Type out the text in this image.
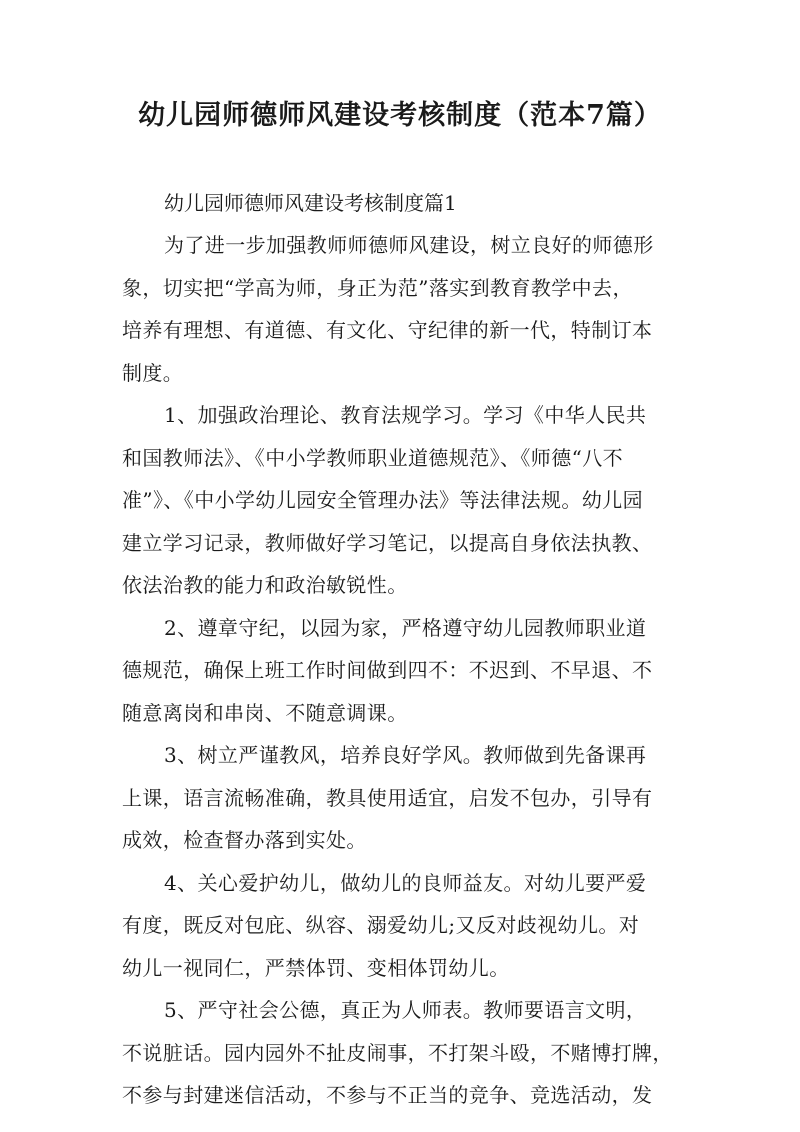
幼儿园师德师风建设考核制度（范本7篇）
幼儿园师德师风建设考核制度篇1

为了进一步加强教师师德师风建设，树立良好的师德形
象，切实把“学高为师，身正为范”落实到教育教学中去，
培养有理想、有道德、有文化、守纪律的新一代，特制订本
制度。

1、加强政治理论、教育法规学习。学习《中华人民共
和国教师法》、《中小学教师职业道德规范》、《师德“八不
准”》、《中小学幼儿园安全管理办法》等法律法规。幼儿园
建立学习记录，教师做好学习笔记，以提高自身依法执教、
依法治教的能力和政治敏锐性。

2、遵章守纪，以园为家，严格遵守幼儿园教师职业道
德规范，确保上班工作时间做到四不：不迟到、不早退、不
随意离岗和串岗、不随意调课。

3、树立严谨教风，培养良好学风。教师做到先备课再
上课，语言流畅准确，教具使用适宜，启发不包办，引导有
成效，检查督办落到实处。

4、关心爱护幼儿，做幼儿的良师益友。对幼儿要严爱
有度，既反对包庇、纵容、溺爱幼儿;又反对歧视幼儿。对
幼儿一视同仁，严禁体罚、变相体罚幼儿。

5、严守社会公德，真正为人师表。教师要语言文明，
不说脏话。园内园外不扯皮闹事，不打架斗殴，不赌博打牌，
不参与封建迷信活动，不参与不正当的竞争、竞选活动，发
